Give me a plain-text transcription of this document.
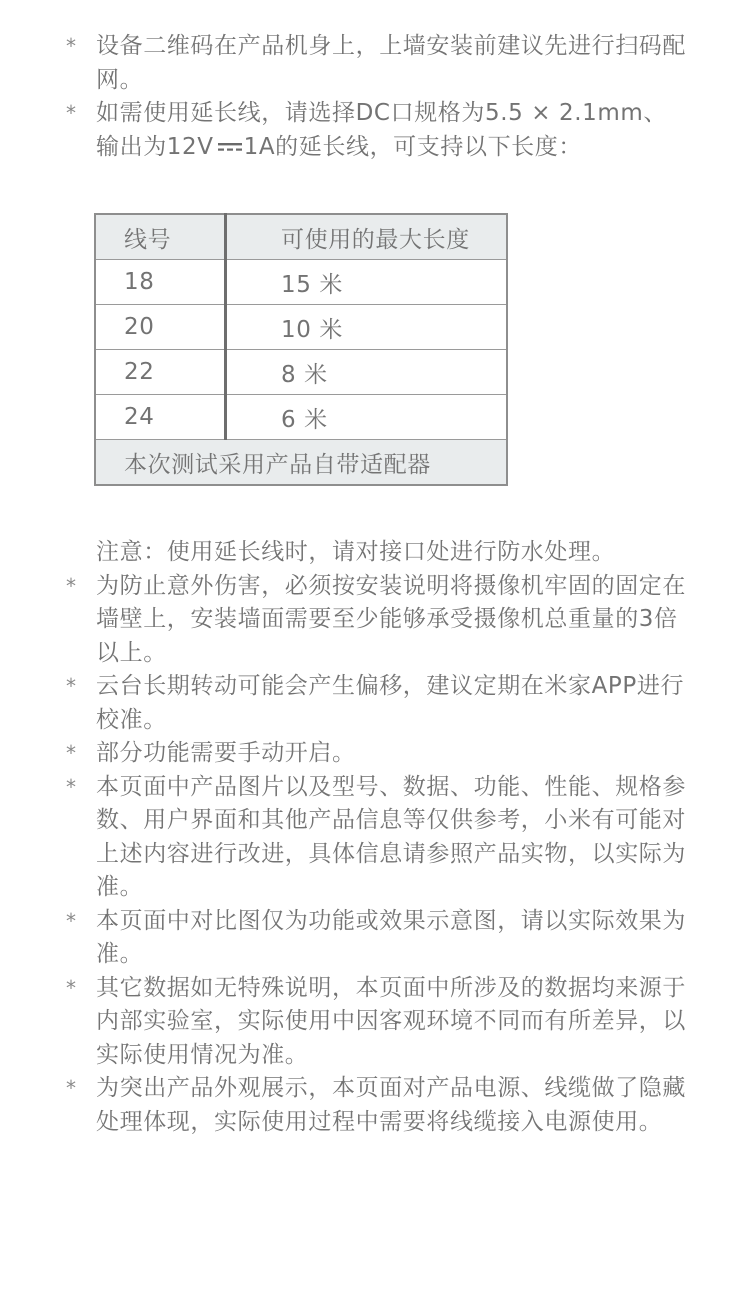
* 设备二维码在产品机身上，上墙安装前建议先进行扫码配网。
* 如需使用延长线，请选择DC口规格为5.5 × 2.1mm、输出为12V 1A的延长线，可支持以下长度：
线号	可使用的最大长度
18	15 米
20	10 米
22	8 米
24	6 米
本次测试采用产品自带适配器	
注意：使用延长线时，请对接口处进行防水处理。
* 为防止意外伤害，必须按安装说明将摄像机牢固的固定在墙壁上，安装墙面需要至少能够承受摄像机总重量的3倍以上。
* 云台长期转动可能会产生偏移，建议定期在米家APP进行校准。
* 部分功能需要手动开启。
* 本页面中产品图片以及型号、数据、功能、性能、规格参数、用户界面和其他产品信息等仅供参考，小米有可能对上述内容进行改进，具体信息请参照产品实物，以实际为准。
* 本页面中对比图仅为功能或效果示意图，请以实际效果为准。
* 其它数据如无特殊说明，本页面中所涉及的数据均来源于内部实验室，实际使用中因客观环境不同而有所差异，以实际使用情况为准。
* 为突出产品外观展示，本页面对产品电源、线缆做了隐藏处理体现，实际使用过程中需要将线缆接入电源使用。
